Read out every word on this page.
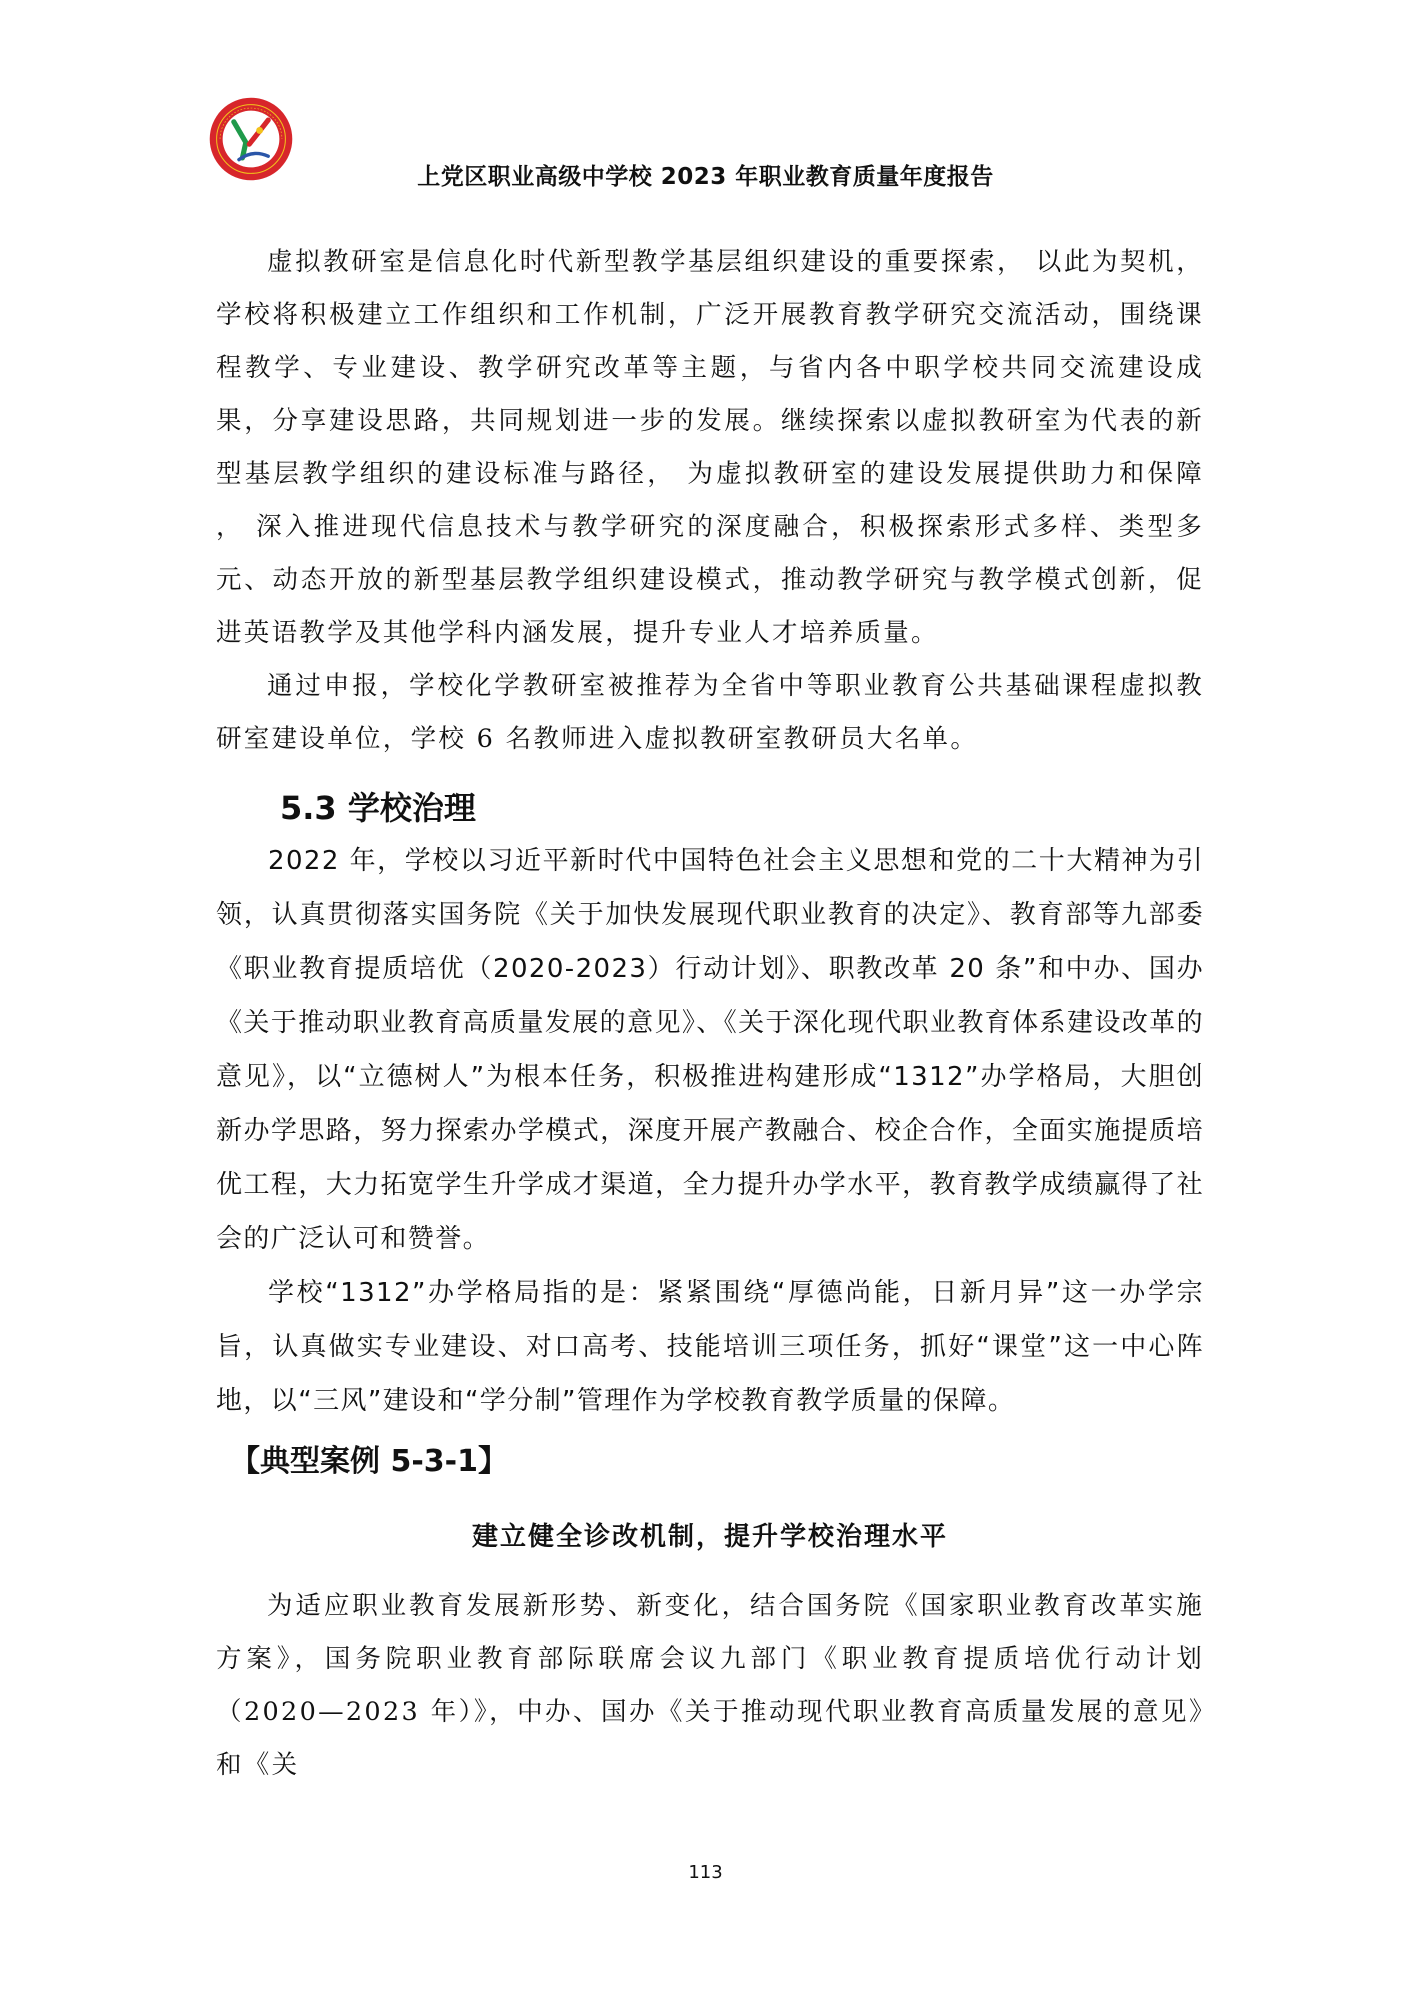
上党区职业高级中学校 2023 年职业教育质量年度报告

虚拟教研室是信息化时代新型教学基层组织建设的重要探索， 以此为契机，学校将积极建立工作组织和工作机制，广泛开展教育教学研究交流活动，围绕课程教学、专业建设、教学研究改革等主题，与省内各中职学校共同交流建设成果，分享建设思路，共同规划进一步的发展。继续探索以虚拟教研室为代表的新型基层教学组织的建设标准与路径， 为虚拟教研室的建设发展提供助力和保障 ， 深入推进现代信息技术与教学研究的深度融合，积极探索形式多样、类型多元、动态开放的新型基层教学组织建设模式，推动教学研究与教学模式创新，促进英语教学及其他学科内涵发展，提升专业人才培养质量。

通过申报，学校化学教研室被推荐为全省中等职业教育公共基础课程虚拟教研室建设单位，学校 6 名教师进入虚拟教研室教研员大名单。

5.3 学校治理

2022 年，学校以习近平新时代中国特色社会主义思想和党的二十大精神为引领，认真贯彻落实国务院《关于加快发展现代职业教育的决定》、教育部等九部委《职业教育提质培优（2020-2023）行动计划》、职教改革 20 条”和中办、国办《关于推动职业教育高质量发展的意见》、《关于深化现代职业教育体系建设改革的意见》，以“立德树人”为根本任务，积极推进构建形成“1312”办学格局，大胆创新办学思路，努力探索办学模式，深度开展产教融合、校企合作，全面实施提质培优工程，大力拓宽学生升学成才渠道，全力提升办学水平，教育教学成绩赢得了社会的广泛认可和赞誉。

学校“1312”办学格局指的是：紧紧围绕“厚德尚能，日新月异”这一办学宗旨，认真做实专业建设、对口高考、技能培训三项任务，抓好“课堂”这一中心阵地，以“三风”建设和“学分制”管理作为学校教育教学质量的保障。

【典型案例 5-3-1】
建立健全诊改机制，提升学校治理水平

为适应职业教育发展新形势、新变化，结合国务院《国家职业教育改革实施方案》，国务院职业教育部际联席会议九部门《职业教育提质培优行动计划（2020—2023 年）》，中办、国办《关于推动现代职业教育高质量发展的意见》和《关

113
